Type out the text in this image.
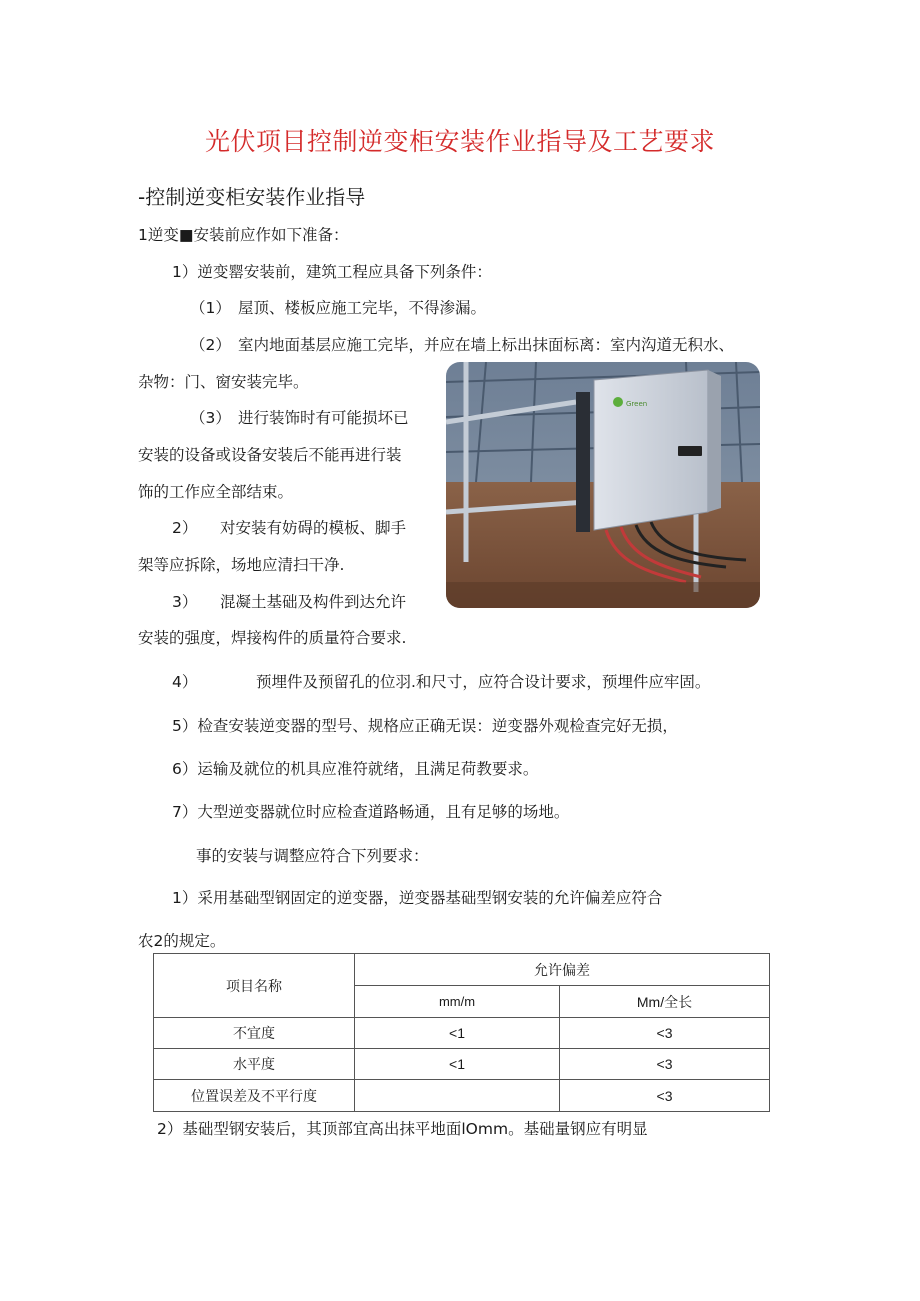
光伏项目控制逆变柜安装作业指导及工艺要求
-控制逆变柜安装作业指导
1逆变■安装前应作如下准备：
1）逆变罂安装前，建筑工程应具备下列条件：
（1） 屋顶、楼板应施工完毕，不得渗漏。
（2） 室内地面基层应施工完毕，并应在墙上标出抹面标离：室内沟道无积水、
杂物：门、窗安装完毕。
（3） 进行装饰时有可能损坏已
安装的设备或设备安装后不能再进行装
饰的工作应全部结束。
2） 对安装有妨碍的模板、脚手
架等应拆除，场地应清扫干净.
3） 混凝土基础及构件到达允许
安装的强度，焊接构件的质量符合要求.
4）	预埋件及预留孔的位羽.和尺寸，应符合设计要求，预埋件应牢固。
5）检查安装逆变器的型号、规格应正确无误：逆变器外观检查完好无损，
6）运输及就位的机具应准符就绪，且满足荷教要求。
7）大型逆变器就位时应检查道路畅通，且有足够的场地。
事的安装与调整应符合下列要求：
1）采用基础型钢固定的逆变器，逆变器基础型钢安装的允许偏差应符合
农2的规定。
Green
项目名称	允许偏差	
	mm/m	Mm/全长
不宜度	<1	<3
水平度	<1	<3
位置误差及不平行度		<3
2）基础型钢安装后，其顶部宜高出抹平地面lOmm。基础量钢应有明显
